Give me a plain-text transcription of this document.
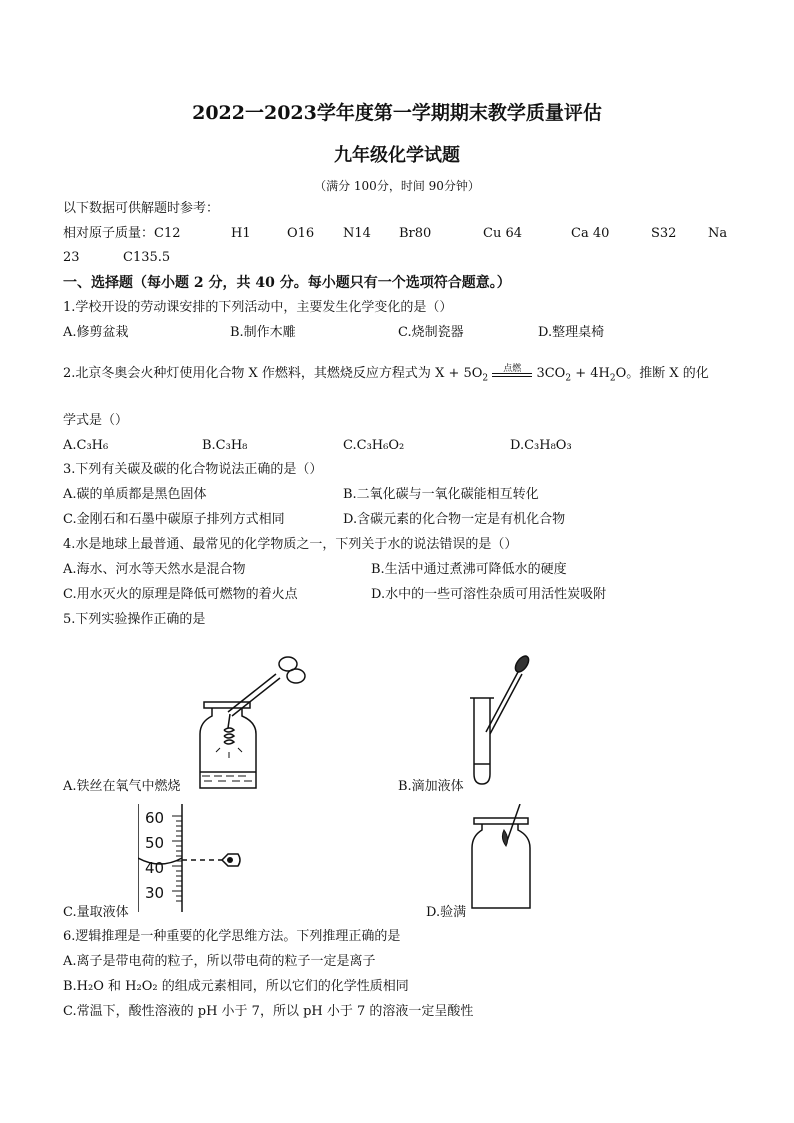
2022一2023学年度第一学期期末教学质量评估
九年级化学试题
（满分 100分，时间 90分钟）
以下数据可供解题时参考：
相对原子质量：C12	H1	O16 N14 Br80	Cu 64	Ca 40	S32 Na
23	C135.5
一、选择题（每小题 2 分，共 40 分。每小题只有一个选项符合题意。）
1.学校开设的劳动课安排的下列活动中，主要发生化学变化的是（）
A.修剪盆栽	B.制作木雕	C.烧制瓷器	D.整理桌椅
2.北京冬奥会火种灯使用化合物 X 作燃料，其燃烧反应方程式为 $X + 5O_2$
点燃	$3CO_2 + 4H_2O$。推断 X 的化
学式是（）
A.C₃H₆	B.C₃H₈	C.C₃H₆O₂	D.C₃H₈O₃
3.下列有关碳及碳的化合物说法正确的是（）
A.碳的单质都是黑色固体	B.二氧化碳与一氧化碳能相互转化
C.金刚石和石墨中碳原子排列方式相同	D.含碳元素的化合物一定是有机化合物
4.水是地球上最普通、最常见的化学物质之一，下列关于水的说法错误的是（）
A.海水、河水等天然水是混合物	B.生活中通过煮沸可降低水的硬度
C.用水灭火的原理是降低可燃物的着火点	D.水中的一些可溶性杂质可用活性炭吸附
5.下列实验操作正确的是
A.铁丝在氧气中燃烧	B.滴加液体
60
50
40
30
C.量取液体	D.验满
6.逻辑推理是一种重要的化学思维方法。下列推理正确的是
A.离子是带电荷的粒子，所以带电荷的粒子一定是离子
B.H₂O 和 H₂O₂ 的组成元素相同，所以它们的化学性质相同
C.常温下，酸性溶液的 pH 小于 7，所以 pH 小于 7 的溶液一定呈酸性
